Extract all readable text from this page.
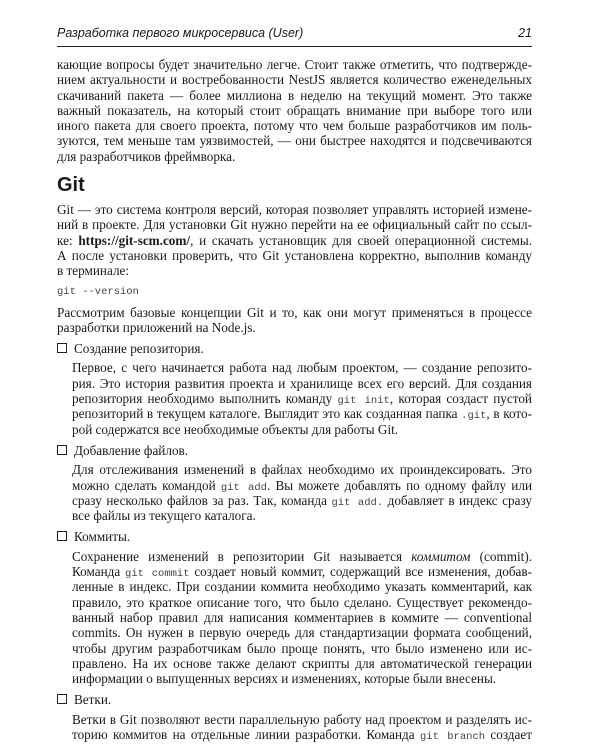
Разработка первого микросервиса (User)	21
кающие вопросы будет значительно легче. Стоит также отметить, что подтвержде-
нием актуальности и востребованности NestJS является количество еженедельных
скачиваний пакета — более миллиона в неделю на текущий момент. Это также
важный показатель, на который стоит обращать внимание при выборе того или
иного пакета для своего проекта, потому что чем больше разработчиков им поль-
зуются, тем меньше там уязвимостей, — они быстрее находятся и подсвечиваются
для разработчиков фреймворка.
Git
Git — это система контроля версий, которая позволяет управлять историей измене-
ний в проекте. Для установки Git нужно перейти на ее официальный сайт по ссыл-
ке: https://git-scm.com/, и скачать установщик для своей операционной системы.
А после установки проверить, что Git установлена корректно, выполнив команду
в терминале:
git --version
Рассмотрим базовые концепции Git и то, как они могут применяться в процессе
разработки приложений на Node.js.
Создание репозитория.
Первое, с чего начинается работа над любым проектом, — создание репозито-
рия. Это история развития проекта и хранилище всех его версий. Для создания
репозитория необходимо выполнить команду git init, которая создаст пустой
репозиторий в текущем каталоге. Выглядит это как созданная папка .git, в кото-
рой содержатся все необходимые объекты для работы Git.
Добавление файлов.
Для отслеживания изменений в файлах необходимо их проиндексировать. Это
можно сделать командой git add. Вы можете добавлять по одному файлу или
сразу несколько файлов за раз. Так, команда git add. добавляет в индекс сразу
все файлы из текущего каталога.
Коммиты.
Сохранение изменений в репозитории Git называется коммитом (commit).
Команда git commit создает новый коммит, содержащий все изменения, добав-
ленные в индекс. При создании коммита необходимо указать комментарий, как
правило, это краткое описание того, что было сделано. Существует рекомендо-
ванный набор правил для написания комментариев в коммите — conventional
commits. Он нужен в первую очередь для стандартизации формата сообщений,
чтобы другим разработчикам было проще понять, что было изменено или ис-
правлено. На их основе также делают скрипты для автоматической генерации
информации о выпущенных версиях и изменениях, которые были внесены.
Ветки.
Ветки в Git позволяют вести параллельную работу над проектом и разделять ис-
торию коммитов на отдельные линии разработки. Команда git branch создает
